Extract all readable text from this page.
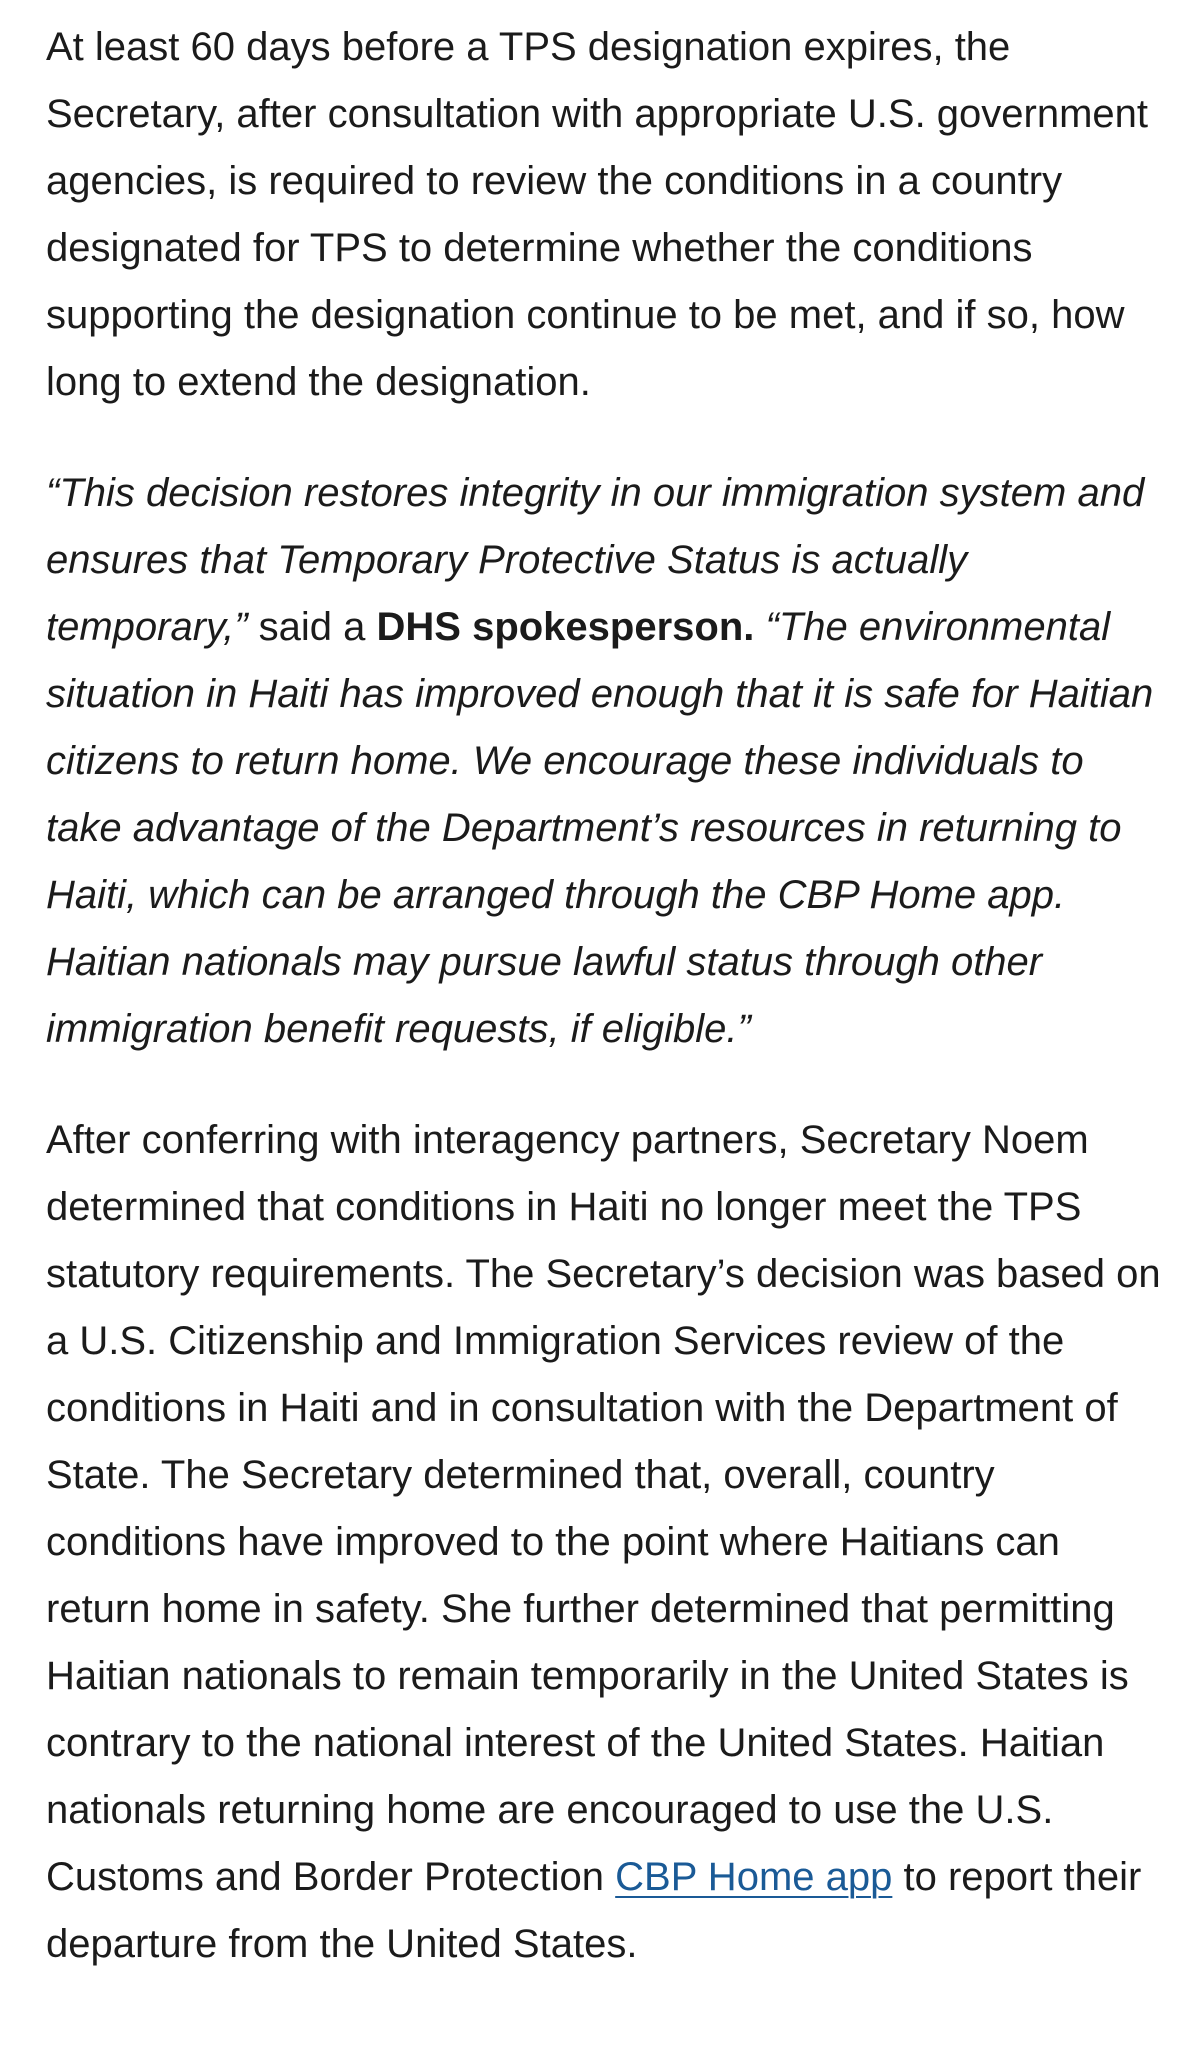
At least 60 days before a TPS designation expires, the Secretary, after consultation with appropriate U.S. government agencies, is required to review the conditions in a country designated for TPS to determine whether the conditions supporting the designation continue to be met, and if so, how long to extend the designation.

“This decision restores integrity in our immigration system and ensures that Temporary Protective Status is actually temporary,” said a DHS spokesperson. “The environmental situation in Haiti has improved enough that it is safe for Haitian citizens to return home. We encourage these individuals to take advantage of the Department’s resources in returning to Haiti, which can be arranged through the CBP Home app. Haitian nationals may pursue lawful status through other immigration benefit requests, if eligible.”

After conferring with interagency partners, Secretary Noem determined that conditions in Haiti no longer meet the TPS statutory requirements. The Secretary’s decision was based on a U.S. Citizenship and Immigration Services review of the conditions in Haiti and in consultation with the Department of State. The Secretary determined that, overall, country conditions have improved to the point where Haitians can return home in safety. She further determined that permitting Haitian nationals to remain temporarily in the United States is contrary to the national interest of the United States. Haitian nationals returning home are encouraged to use the U.S. Customs and Border Protection CBP Home app to report their departure from the United States.
